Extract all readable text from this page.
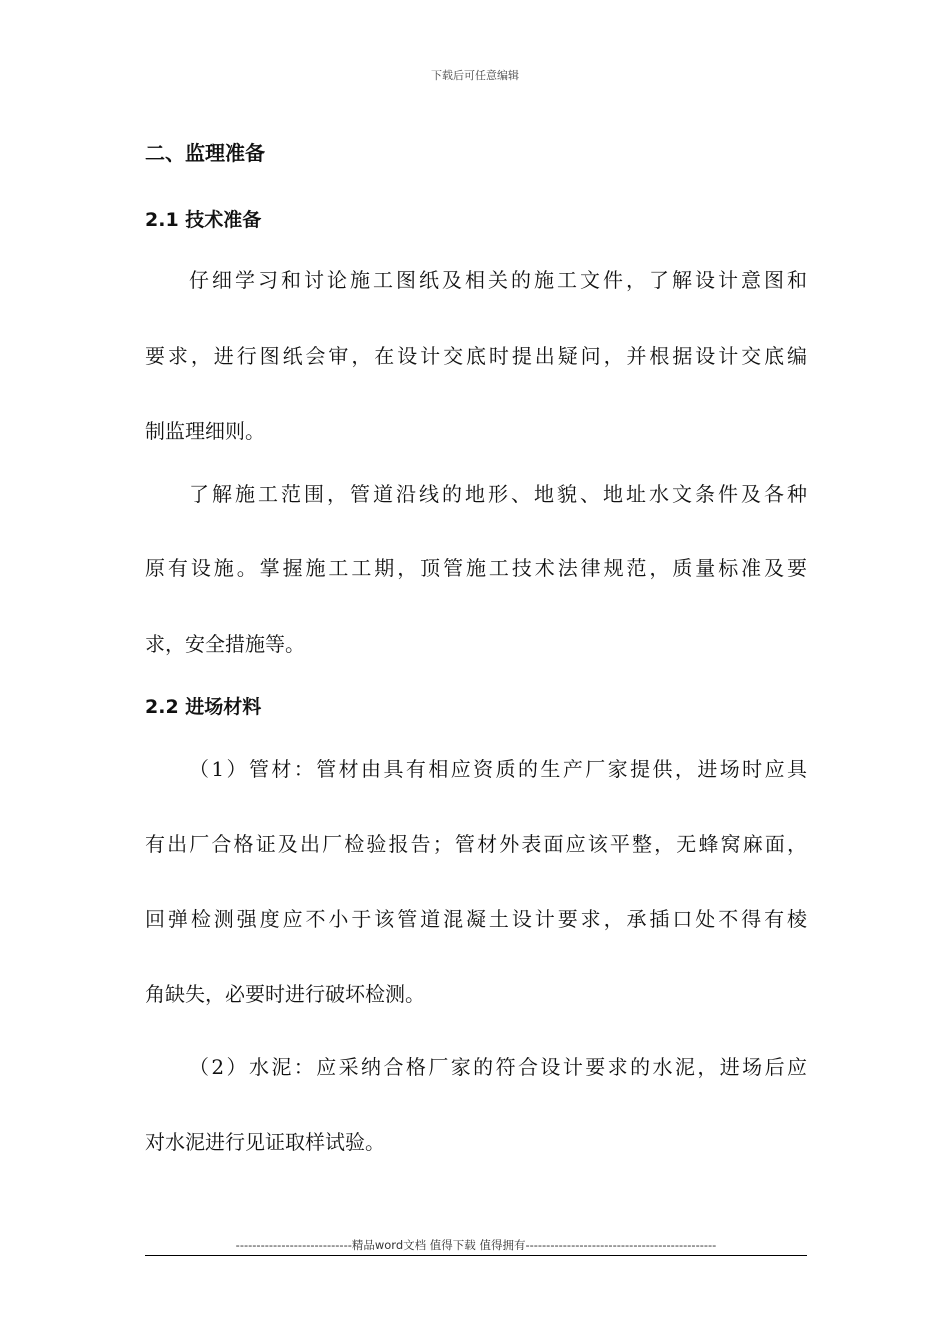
下载后可任意编辑
二、监理准备
2.1 技术准备
仔细学习和讨论施工图纸及相关的施工文件，了解设计意图和
要求，进行图纸会审，在设计交底时提出疑问，并根据设计交底编
制监理细则。
了解施工范围，管道沿线的地形、地貌、地址水文条件及各种
原有设施。掌握施工工期，顶管施工技术法律规范，质量标准及要
求，安全措施等。
2.2 进场材料
（1）管材：管材由具有相应资质的生产厂家提供，进场时应具
有出厂合格证及出厂检验报告；管材外表面应该平整，无蜂窝麻面，
回弹检测强度应不小于该管道混凝土设计要求，承插口处不得有棱
角缺失，必要时进行破坏检测。
（2）水泥：应采纳合格厂家的符合设计要求的水泥，进场后应
对水泥进行见证取样试验。
----------------------------精品word文档 值得下载 值得拥有----------------------------------------------
